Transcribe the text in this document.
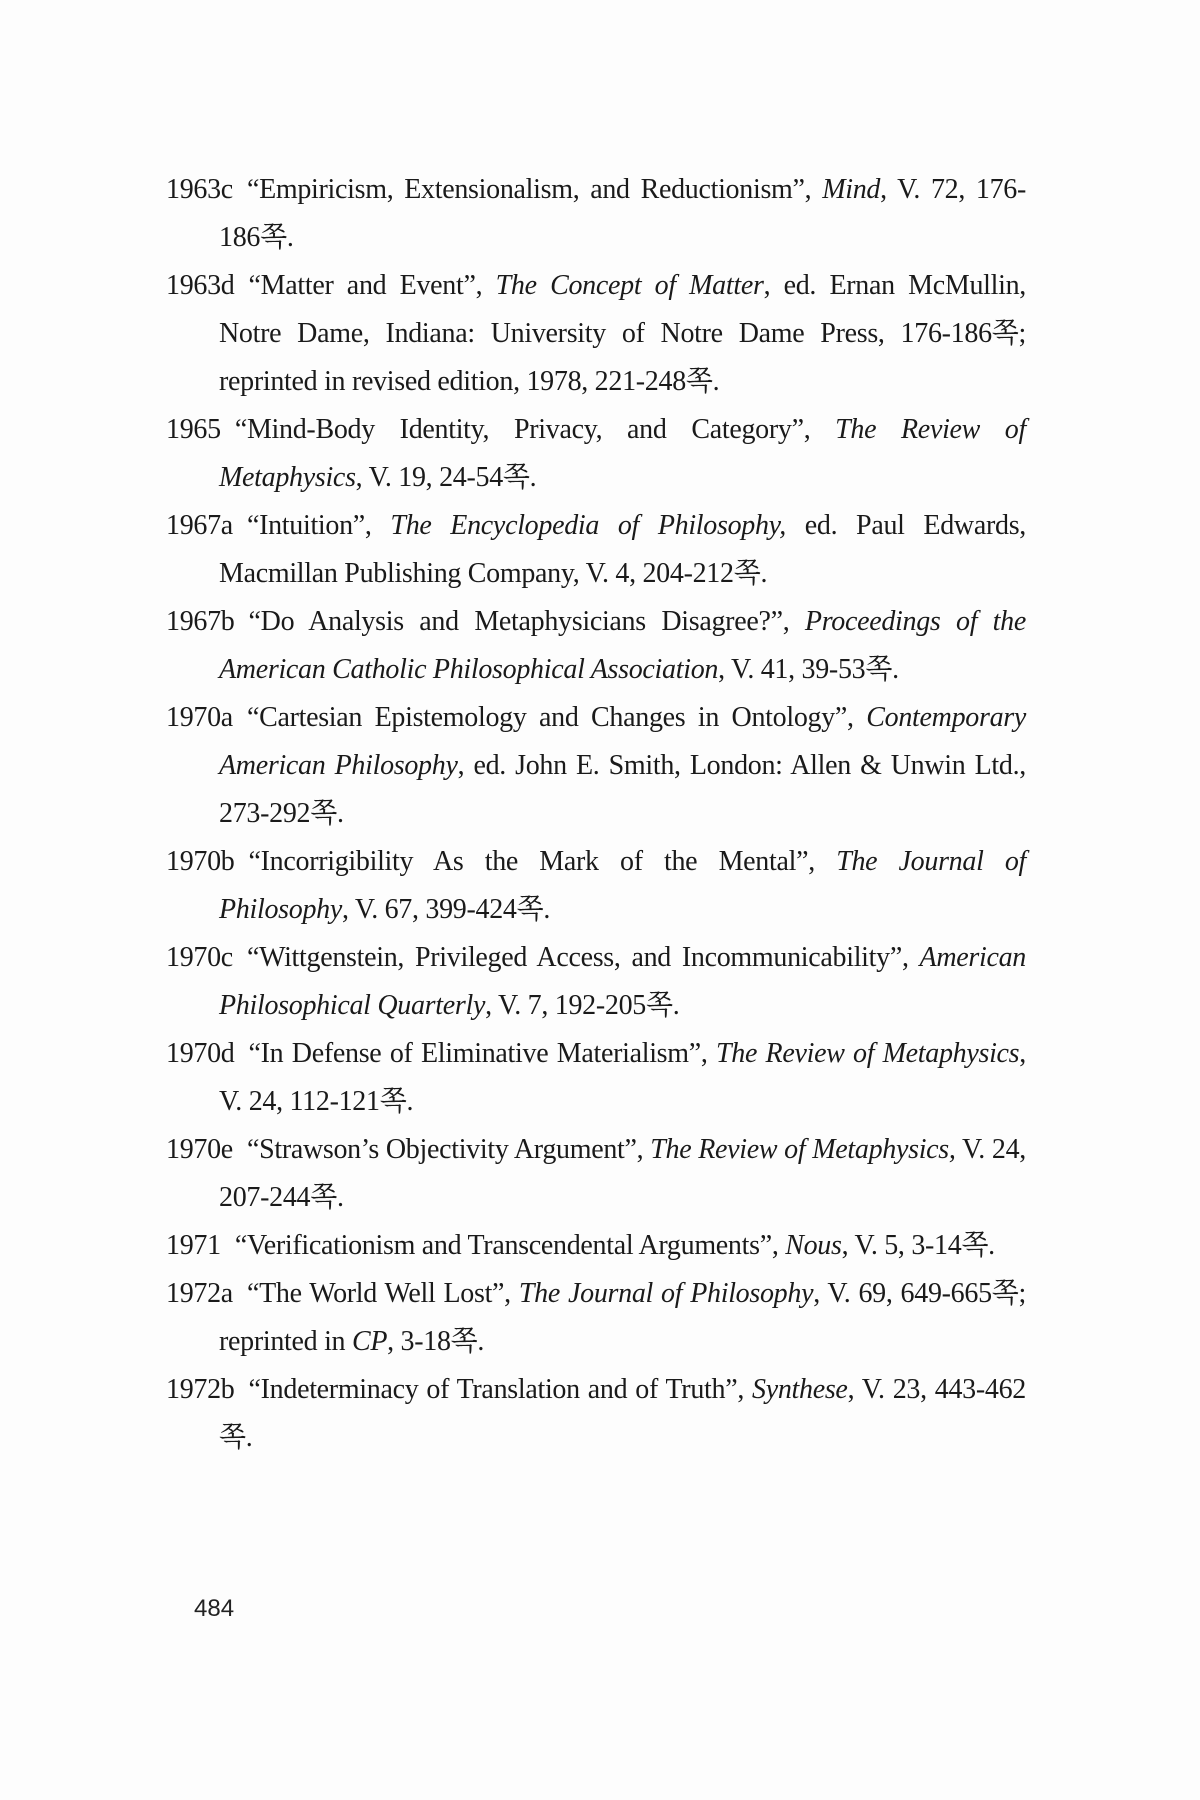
1963c “Empiricism, Extensionalism, and Reductionism”, Mind, V. 72, 176-186쪽.
1963d “Matter and Event”, The Concept of Matter, ed. Ernan McMullin, Notre Dame, Indiana: University of Notre Dame Press, 176-186쪽; reprinted in revised edition, 1978, 221-248쪽.
1965 “Mind-Body Identity, Privacy, and Category”, The Review of Metaphysics, V. 19, 24-54쪽.
1967a “Intuition”, The Encyclopedia of Philosophy, ed. Paul Edwards, Macmillan Publishing Company, V. 4, 204-212쪽.
1967b “Do Analysis and Metaphysicians Disagree?”, Proceedings of the American Catholic Philosophical Association, V. 41, 39-53쪽.
1970a “Cartesian Epistemology and Changes in Ontology”, Contemporary American Philosophy, ed. John E. Smith, London: Allen & Unwin Ltd., 273-292쪽.
1970b “Incorrigibility As the Mark of the Mental”, The Journal of Philosophy, V. 67, 399-424쪽.
1970c “Wittgenstein, Privileged Access, and Incommunicability”, American Philosophical Quarterly, V. 7, 192-205쪽.
1970d “In Defense of Eliminative Materialism”, The Review of Metaphysics, V. 24, 112-121쪽.
1970e “Strawson’s Objectivity Argument”, The Review of Metaphysics, V. 24, 207-244쪽.
1971 “Verificationism and Transcendental Arguments”, Nous, V. 5, 3-14쪽.
1972a “The World Well Lost”, The Journal of Philosophy, V. 69, 649-665쪽; reprinted in CP, 3-18쪽.
1972b “Indeterminacy of Translation and of Truth”, Synthese, V. 23, 443-462쪽.
484
